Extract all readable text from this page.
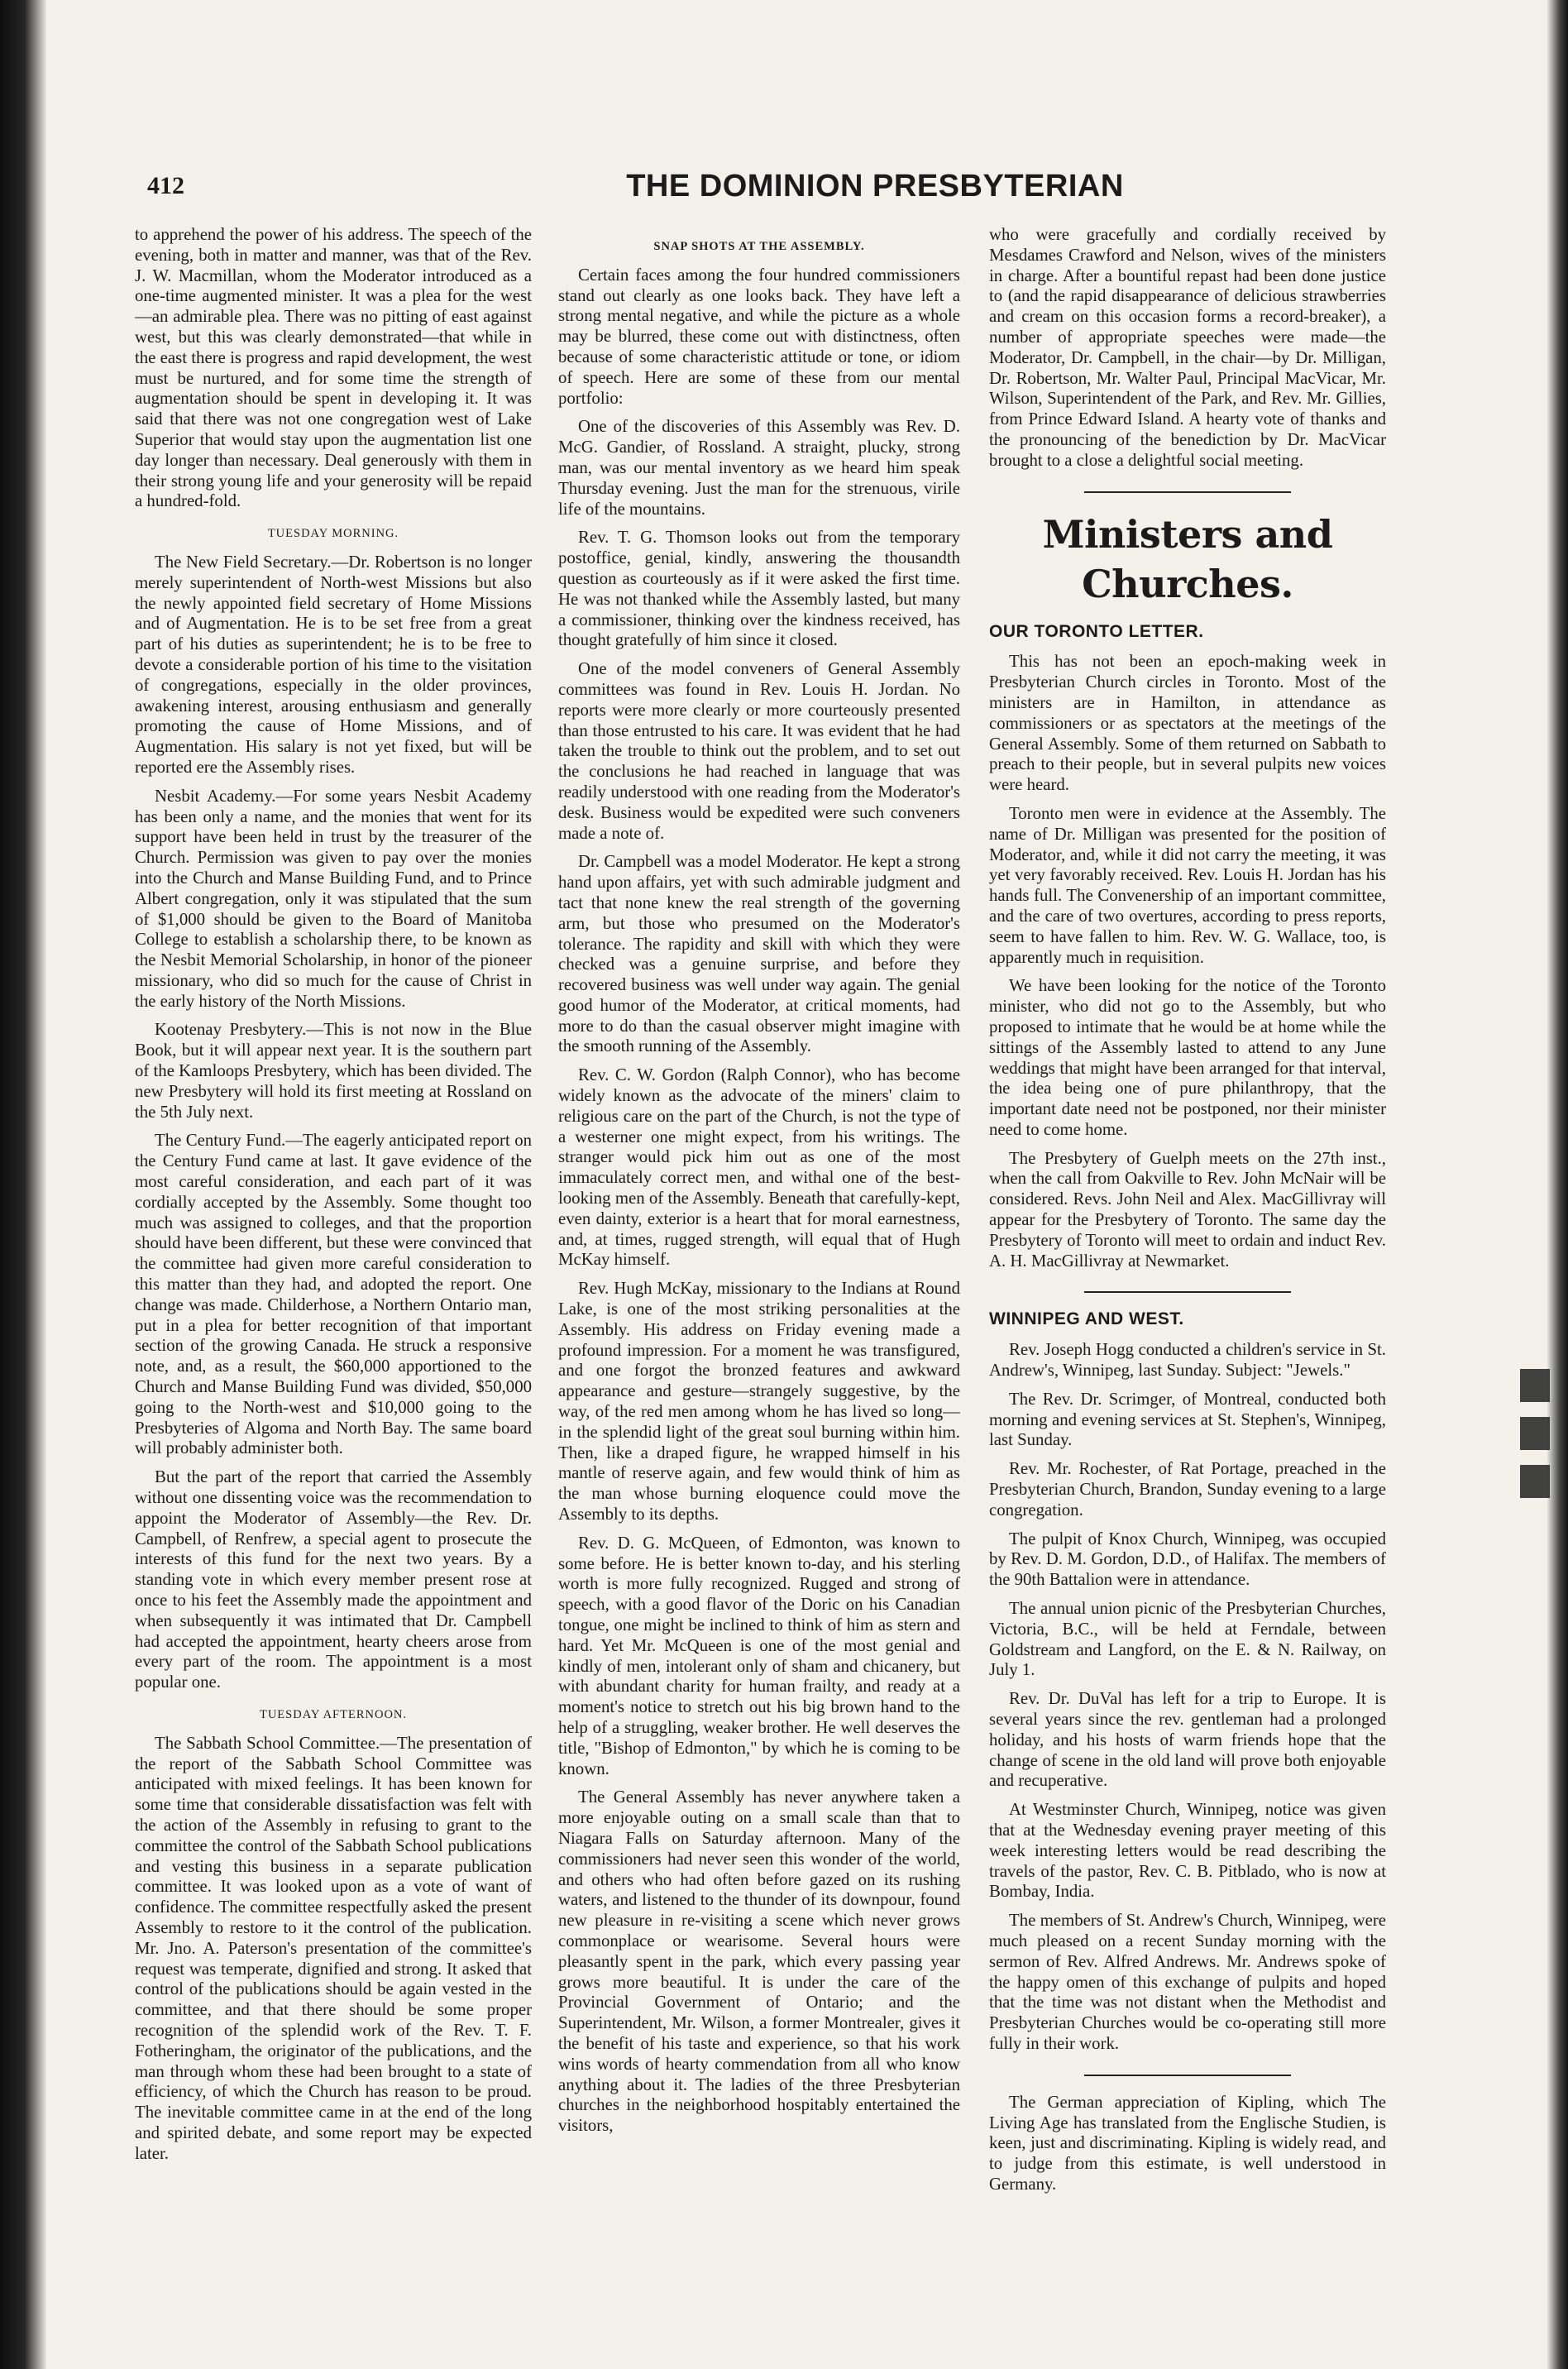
412	THE DOMINION PRESBYTERIAN

to apprehend the power of his address. The speech of the evening, both in matter and manner, was that of the Rev. J. W. Macmillan, whom the Moderator introduced as a one-time augmented minister. It was a plea for the west—an admirable plea. There was no pitting of east against west, but this was clearly demonstrated—that while in the east there is progress and rapid development, the west must be nurtured, and for some time the strength of augmentation should be spent in developing it. It was said that there was not one congregation west of Lake Superior that would stay upon the augmentation list one day longer than necessary. Deal generously with them in their strong young life and your generosity will be repaid a hundred-fold.

TUESDAY MORNING.

The New Field Secretary.—Dr. Robertson is no longer merely superintendent of North-west Missions but also the newly appointed field secretary of Home Missions and of Augmentation. He is to be set free from a great part of his duties as superintendent; he is to be free to devote a considerable portion of his time to the visitation of congregations, especially in the older provinces, awakening interest, arousing enthusiasm and generally promoting the cause of Home Missions, and of Augmentation. His salary is not yet fixed, but will be reported ere the Assembly rises.

Nesbit Academy.—For some years Nesbit Academy has been only a name, and the monies that went for its support have been held in trust by the treasurer of the Church. Permission was given to pay over the monies into the Church and Manse Building Fund, and to Prince Albert congregation, only it was stipulated that the sum of $1,000 should be given to the Board of Manitoba College to establish a scholarship there, to be known as the Nesbit Memorial Scholarship, in honor of the pioneer missionary, who did so much for the cause of Christ in the early history of the North Missions.

Kootenay Presbytery.—This is not now in the Blue Book, but it will appear next year. It is the southern part of the Kamloops Presbytery, which has been divided. The new Presbytery will hold its first meeting at Rossland on the 5th July next.

The Century Fund.—The eagerly anticipated report on the Century Fund came at last. It gave evidence of the most careful consideration, and each part of it was cordially accepted by the Assembly. Some thought too much was assigned to colleges, and that the proportion should have been different, but these were convinced that the committee had given more careful consideration to this matter than they had, and adopted the report. One change was made. Childerhose, a Northern Ontario man, put in a plea for better recognition of that important section of the growing Canada. He struck a responsive note, and, as a result, the $60,000 apportioned to the Church and Manse Building Fund was divided, $50,000 going to the North-west and $10,000 going to the Presbyteries of Algoma and North Bay. The same board will probably administer both.

But the part of the report that carried the Assembly without one dissenting voice was the recommendation to appoint the Moderator of Assembly—the Rev. Dr. Campbell, of Renfrew, a special agent to prosecute the interests of this fund for the next two years. By a standing vote in which every member present rose at once to his feet the Assembly made the appointment and when subsequently it was intimated that Dr. Campbell had accepted the appointment, hearty cheers arose from every part of the room. The appointment is a most popular one.

TUESDAY AFTERNOON.

The Sabbath School Committee.—The presentation of the report of the Sabbath School Committee was anticipated with mixed feelings. It has been known for some time that considerable dissatisfaction was felt with the action of the Assembly in refusing to grant to the committee the control of the Sabbath School publications and vesting this business in a separate publication committee. It was looked upon as a vote of want of confidence. The committee respectfully asked the present Assembly to restore to it the control of the publication. Mr. Jno. A. Paterson's presentation of the committee's request was temperate, dignified and strong. It asked that control of the publications should be again vested in the committee, and that there should be some proper recognition of the splendid work of the Rev. T. F. Fotheringham, the originator of the publications, and the man through whom these had been brought to a state of efficiency, of which the Church has reason to be proud. The inevitable committee came in at the end of the long and spirited debate, and some report may be expected later.

SNAP SHOTS AT THE ASSEMBLY.

Certain faces among the four hundred commissioners stand out clearly as one looks back. They have left a strong mental negative, and while the picture as a whole may be blurred, these come out with distinctness, often because of some characteristic attitude or tone, or idiom of speech. Here are some of these from our mental portfolio:

One of the discoveries of this Assembly was Rev. D. McG. Gandier, of Rossland. A straight, plucky, strong man, was our mental inventory as we heard him speak Thursday evening. Just the man for the strenuous, virile life of the mountains.

Rev. T. G. Thomson looks out from the temporary postoffice, genial, kindly, answering the thousandth question as courteously as if it were asked the first time. He was not thanked while the Assembly lasted, but many a commissioner, thinking over the kindness received, has thought gratefully of him since it closed.

One of the model conveners of General Assembly committees was found in Rev. Louis H. Jordan. No reports were more clearly or more courteously presented than those entrusted to his care. It was evident that he had taken the trouble to think out the problem, and to set out the conclusions he had reached in language that was readily understood with one reading from the Moderator's desk. Business would be expedited were such conveners made a note of.

Dr. Campbell was a model Moderator. He kept a strong hand upon affairs, yet with such admirable judgment and tact that none knew the real strength of the governing arm, but those who presumed on the Moderator's tolerance. The rapidity and skill with which they were checked was a genuine surprise, and before they recovered business was well under way again. The genial good humor of the Moderator, at critical moments, had more to do than the casual observer might imagine with the smooth running of the Assembly.

Rev. C. W. Gordon (Ralph Connor), who has become widely known as the advocate of the miners' claim to religious care on the part of the Church, is not the type of a westerner one might expect, from his writings. The stranger would pick him out as one of the most immaculately correct men, and withal one of the best-looking men of the Assembly. Beneath that carefully-kept, even dainty, exterior is a heart that for moral earnestness, and, at times, rugged strength, will equal that of Hugh McKay himself.

Rev. Hugh McKay, missionary to the Indians at Round Lake, is one of the most striking personalities at the Assembly. His address on Friday evening made a profound impression. For a moment he was transfigured, and one forgot the bronzed features and awkward appearance and gesture—strangely suggestive, by the way, of the red men among whom he has lived so long—in the splendid light of the great soul burning within him. Then, like a draped figure, he wrapped himself in his mantle of reserve again, and few would think of him as the man whose burning eloquence could move the Assembly to its depths.

Rev. D. G. McQueen, of Edmonton, was known to some before. He is better known to-day, and his sterling worth is more fully recognized. Rugged and strong of speech, with a good flavor of the Doric on his Canadian tongue, one might be inclined to think of him as stern and hard. Yet Mr. McQueen is one of the most genial and kindly of men, intolerant only of sham and chicanery, but with abundant charity for human frailty, and ready at a moment's notice to stretch out his big brown hand to the help of a struggling, weaker brother. He well deserves the title, "Bishop of Edmonton," by which he is coming to be known.

The General Assembly has never anywhere taken a more enjoyable outing on a small scale than that to Niagara Falls on Saturday afternoon. Many of the commissioners had never seen this wonder of the world, and others who had often before gazed on its rushing waters, and listened to the thunder of its downpour, found new pleasure in re-visiting a scene which never grows commonplace or wearisome. Several hours were pleasantly spent in the park, which every passing year grows more beautiful. It is under the care of the Provincial Government of Ontario; and the Superintendent, Mr. Wilson, a former Montrealer, gives it the benefit of his taste and experience, so that his work wins words of hearty commendation from all who know anything about it. The ladies of the three Presbyterian churches in the neighborhood hospitably entertained the visitors,

who were gracefully and cordially received by Mesdames Crawford and Nelson, wives of the ministers in charge. After a bountiful repast had been done justice to (and the rapid disappearance of delicious strawberries and cream on this occasion forms a record-breaker), a number of appropriate speeches were made—the Moderator, Dr. Campbell, in the chair—by Dr. Milligan, Dr. Robertson, Mr. Walter Paul, Principal MacVicar, Mr. Wilson, Superintendent of the Park, and Rev. Mr. Gillies, from Prince Edward Island. A hearty vote of thanks and the pronouncing of the benediction by Dr. MacVicar brought to a close a delightful social meeting.

Ministers and Churches.
OUR TORONTO LETTER.

This has not been an epoch-making week in Presbyterian Church circles in Toronto. Most of the ministers are in Hamilton, in attendance as commissioners or as spectators at the meetings of the General Assembly. Some of them returned on Sabbath to preach to their people, but in several pulpits new voices were heard.

Toronto men were in evidence at the Assembly. The name of Dr. Milligan was presented for the position of Moderator, and, while it did not carry the meeting, it was yet very favorably received. Rev. Louis H. Jordan has his hands full. The Convenership of an important committee, and the care of two overtures, according to press reports, seem to have fallen to him. Rev. W. G. Wallace, too, is apparently much in requisition.

We have been looking for the notice of the Toronto minister, who did not go to the Assembly, but who proposed to intimate that he would be at home while the sittings of the Assembly lasted to attend to any June weddings that might have been arranged for that interval, the idea being one of pure philanthropy, that the important date need not be postponed, nor their minister need to come home.

The Presbytery of Guelph meets on the 27th inst., when the call from Oakville to Rev. John McNair will be considered. Revs. John Neil and Alex. MacGillivray will appear for the Presbytery of Toronto. The same day the Presbytery of Toronto will meet to ordain and induct Rev. A. H. MacGillivray at Newmarket.

WINNIPEG AND WEST.

Rev. Joseph Hogg conducted a children's service in St. Andrew's, Winnipeg, last Sunday. Subject: "Jewels."

The Rev. Dr. Scrimger, of Montreal, conducted both morning and evening services at St. Stephen's, Winnipeg, last Sunday.

Rev. Mr. Rochester, of Rat Portage, preached in the Presbyterian Church, Brandon, Sunday evening to a large congregation.

The pulpit of Knox Church, Winnipeg, was occupied by Rev. D. M. Gordon, D.D., of Halifax. The members of the 90th Battalion were in attendance.

The annual union picnic of the Presbyterian Churches, Victoria, B.C., will be held at Ferndale, between Goldstream and Langford, on the E. & N. Railway, on July 1.

Rev. Dr. DuVal has left for a trip to Europe. It is several years since the rev. gentleman had a prolonged holiday, and his hosts of warm friends hope that the change of scene in the old land will prove both enjoyable and recuperative.

At Westminster Church, Winnipeg, notice was given that at the Wednesday evening prayer meeting of this week interesting letters would be read describing the travels of the pastor, Rev. C. B. Pitblado, who is now at Bombay, India.

The members of St. Andrew's Church, Winnipeg, were much pleased on a recent Sunday morning with the sermon of Rev. Alfred Andrews. Mr. Andrews spoke of the happy omen of this exchange of pulpits and hoped that the time was not distant when the Methodist and Presbyterian Churches would be co-operating still more fully in their work.

The German appreciation of Kipling, which The Living Age has translated from the Englische Studien, is keen, just and discriminating. Kipling is widely read, and to judge from this estimate, is well understood in Germany.
